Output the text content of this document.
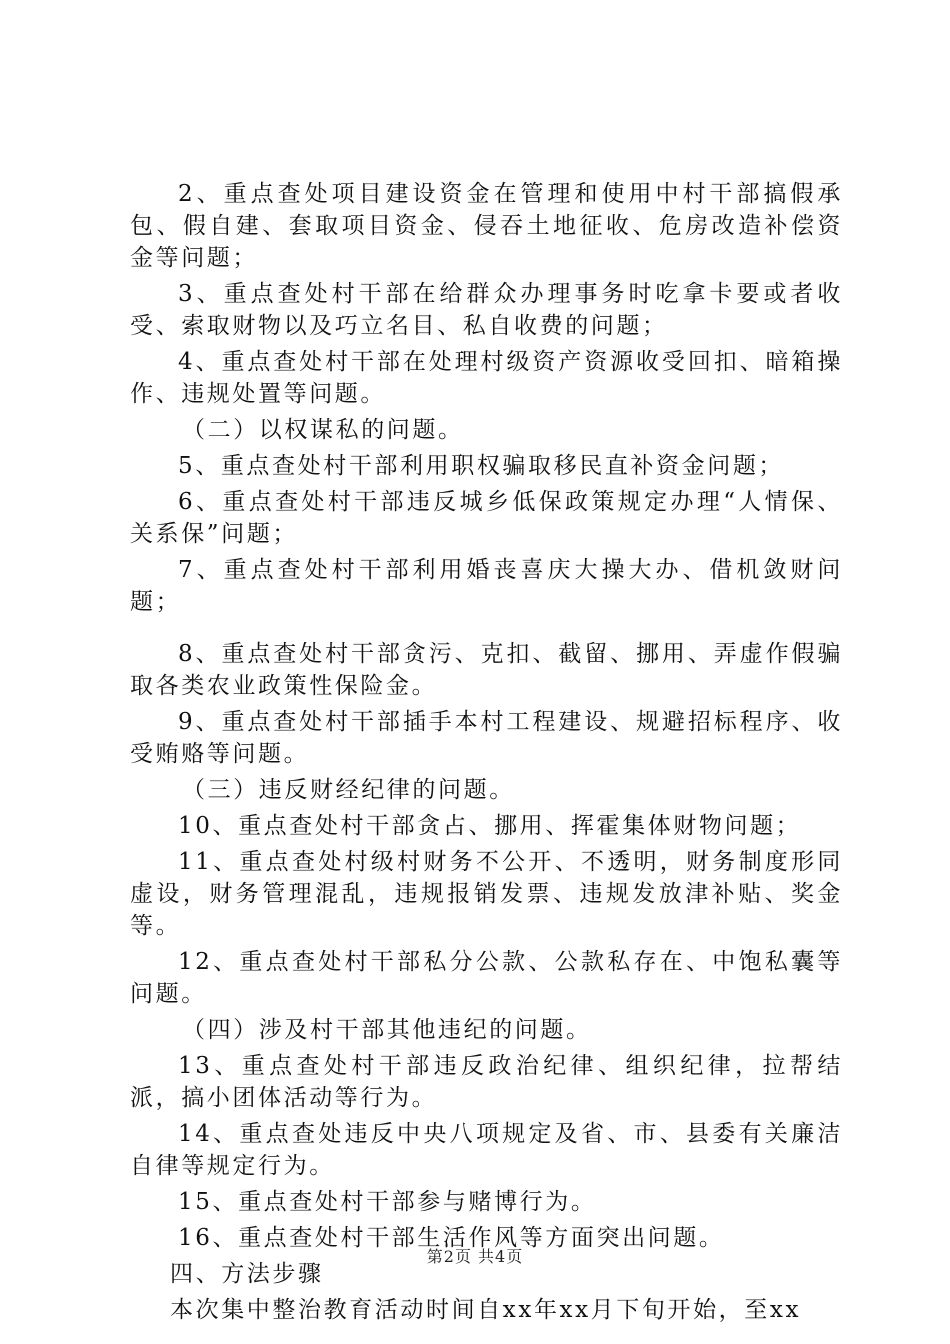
2、重点查处项目建设资金在管理和使用中村干部搞假承包、假自建、套取项目资金、侵吞土地征收、危房改造补偿资金等问题；

3、重点查处村干部在给群众办理事务时吃拿卡要或者收受、索取财物以及巧立名目、私自收费的问题；

4、重点查处村干部在处理村级资产资源收受回扣、暗箱操作、违规处置等问题。

（二）以权谋私的问题。

5、重点查处村干部利用职权骗取移民直补资金问题；

6、重点查处村干部违反城乡低保政策规定办理“人情保、关系保”问题；

7、重点查处村干部利用婚丧喜庆大操大办、借机敛财问题；

8、重点查处村干部贪污、克扣、截留、挪用、弄虚作假骗取各类农业政策性保险金。

9、重点查处村干部插手本村工程建设、规避招标程序、收受贿赂等问题。

（三）违反财经纪律的问题。

10、重点查处村干部贪占、挪用、挥霍集体财物问题；

11、重点查处村级村财务不公开、不透明，财务制度形同虚设，财务管理混乱，违规报销发票、违规发放津补贴、奖金等。

12、重点查处村干部私分公款、公款私存在、中饱私囊等问题。

（四）涉及村干部其他违纪的问题。

13、重点查处村干部违反政治纪律、组织纪律，拉帮结派，搞小团体活动等行为。

14、重点查处违反中央八项规定及省、市、县委有关廉洁自律等规定行为。

15、重点查处村干部参与赌博行为。

16、重点查处村干部生活作风等方面突出问题。

四、方法步骤

本次集中整治教育活动时间自xx年xx月下旬开始，至xx

第2页 共4页
